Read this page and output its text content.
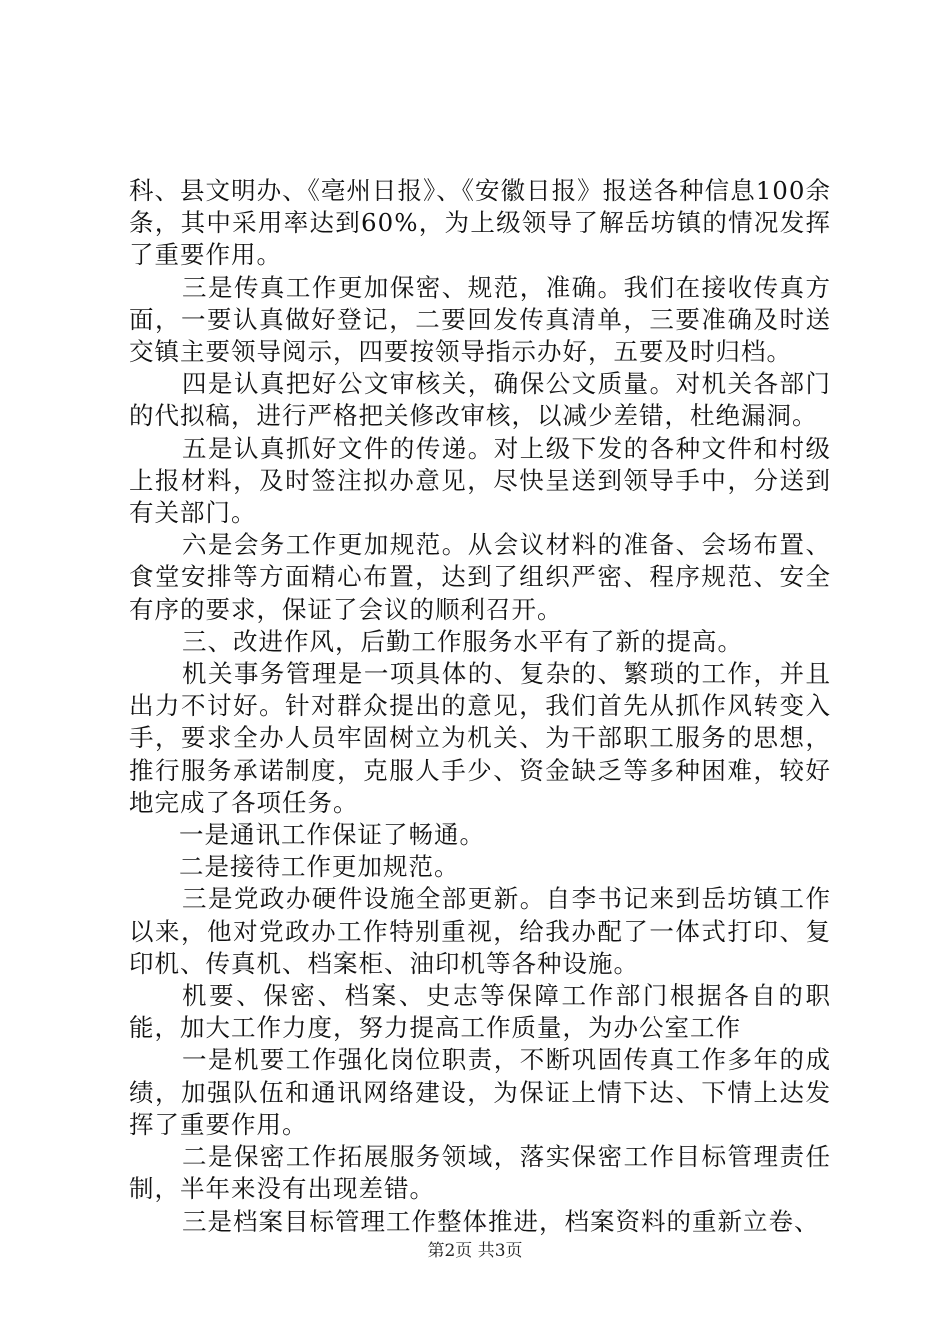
科、县文明办、《亳州日报》、《安徽日报》报送各种信息100余条，其中采用率达到60%，为上级领导了解岳坊镇的情况发挥了重要作用。

三是传真工作更加保密、规范，准确。我们在接收传真方面，一要认真做好登记，二要回发传真清单，三要准确及时送交镇主要领导阅示，四要按领导指示办好，五要及时归档。

四是认真把好公文审核关，确保公文质量。对机关各部门的代拟稿，进行严格把关修改审核，以减少差错，杜绝漏洞。

五是认真抓好文件的传递。对上级下发的各种文件和村级上报材料，及时签注拟办意见，尽快呈送到领导手中，分送到有关部门。

六是会务工作更加规范。从会议材料的准备、会场布置、食堂安排等方面精心布置，达到了组织严密、程序规范、安全有序的要求，保证了会议的顺利召开。

三、改进作风，后勤工作服务水平有了新的提高。

机关事务管理是一项具体的、复杂的、繁琐的工作，并且出力不讨好。针对群众提出的意见，我们首先从抓作风转变入手，要求全办人员牢固树立为机关、为干部职工服务的思想，推行服务承诺制度，克服人手少、资金缺乏等多种困难，较好地完成了各项任务。

一是通讯工作保证了畅通。

二是接待工作更加规范。

三是党政办硬件设施全部更新。自李书记来到岳坊镇工作以来，他对党政办工作特别重视，给我办配了一体式打印、复印机、传真机、档案柜、油印机等各种设施。

机要、保密、档案、史志等保障工作部门根据各自的职能，加大工作力度，努力提高工作质量，为办公室工作

一是机要工作强化岗位职责，不断巩固传真工作多年的成绩，加强队伍和通讯网络建设，为保证上情下达、下情上达发挥了重要作用。

二是保密工作拓展服务领域，落实保密工作目标管理责任制，半年来没有出现差错。

三是档案目标管理工作整体推进，档案资料的重新立卷、

第2页 共3页
